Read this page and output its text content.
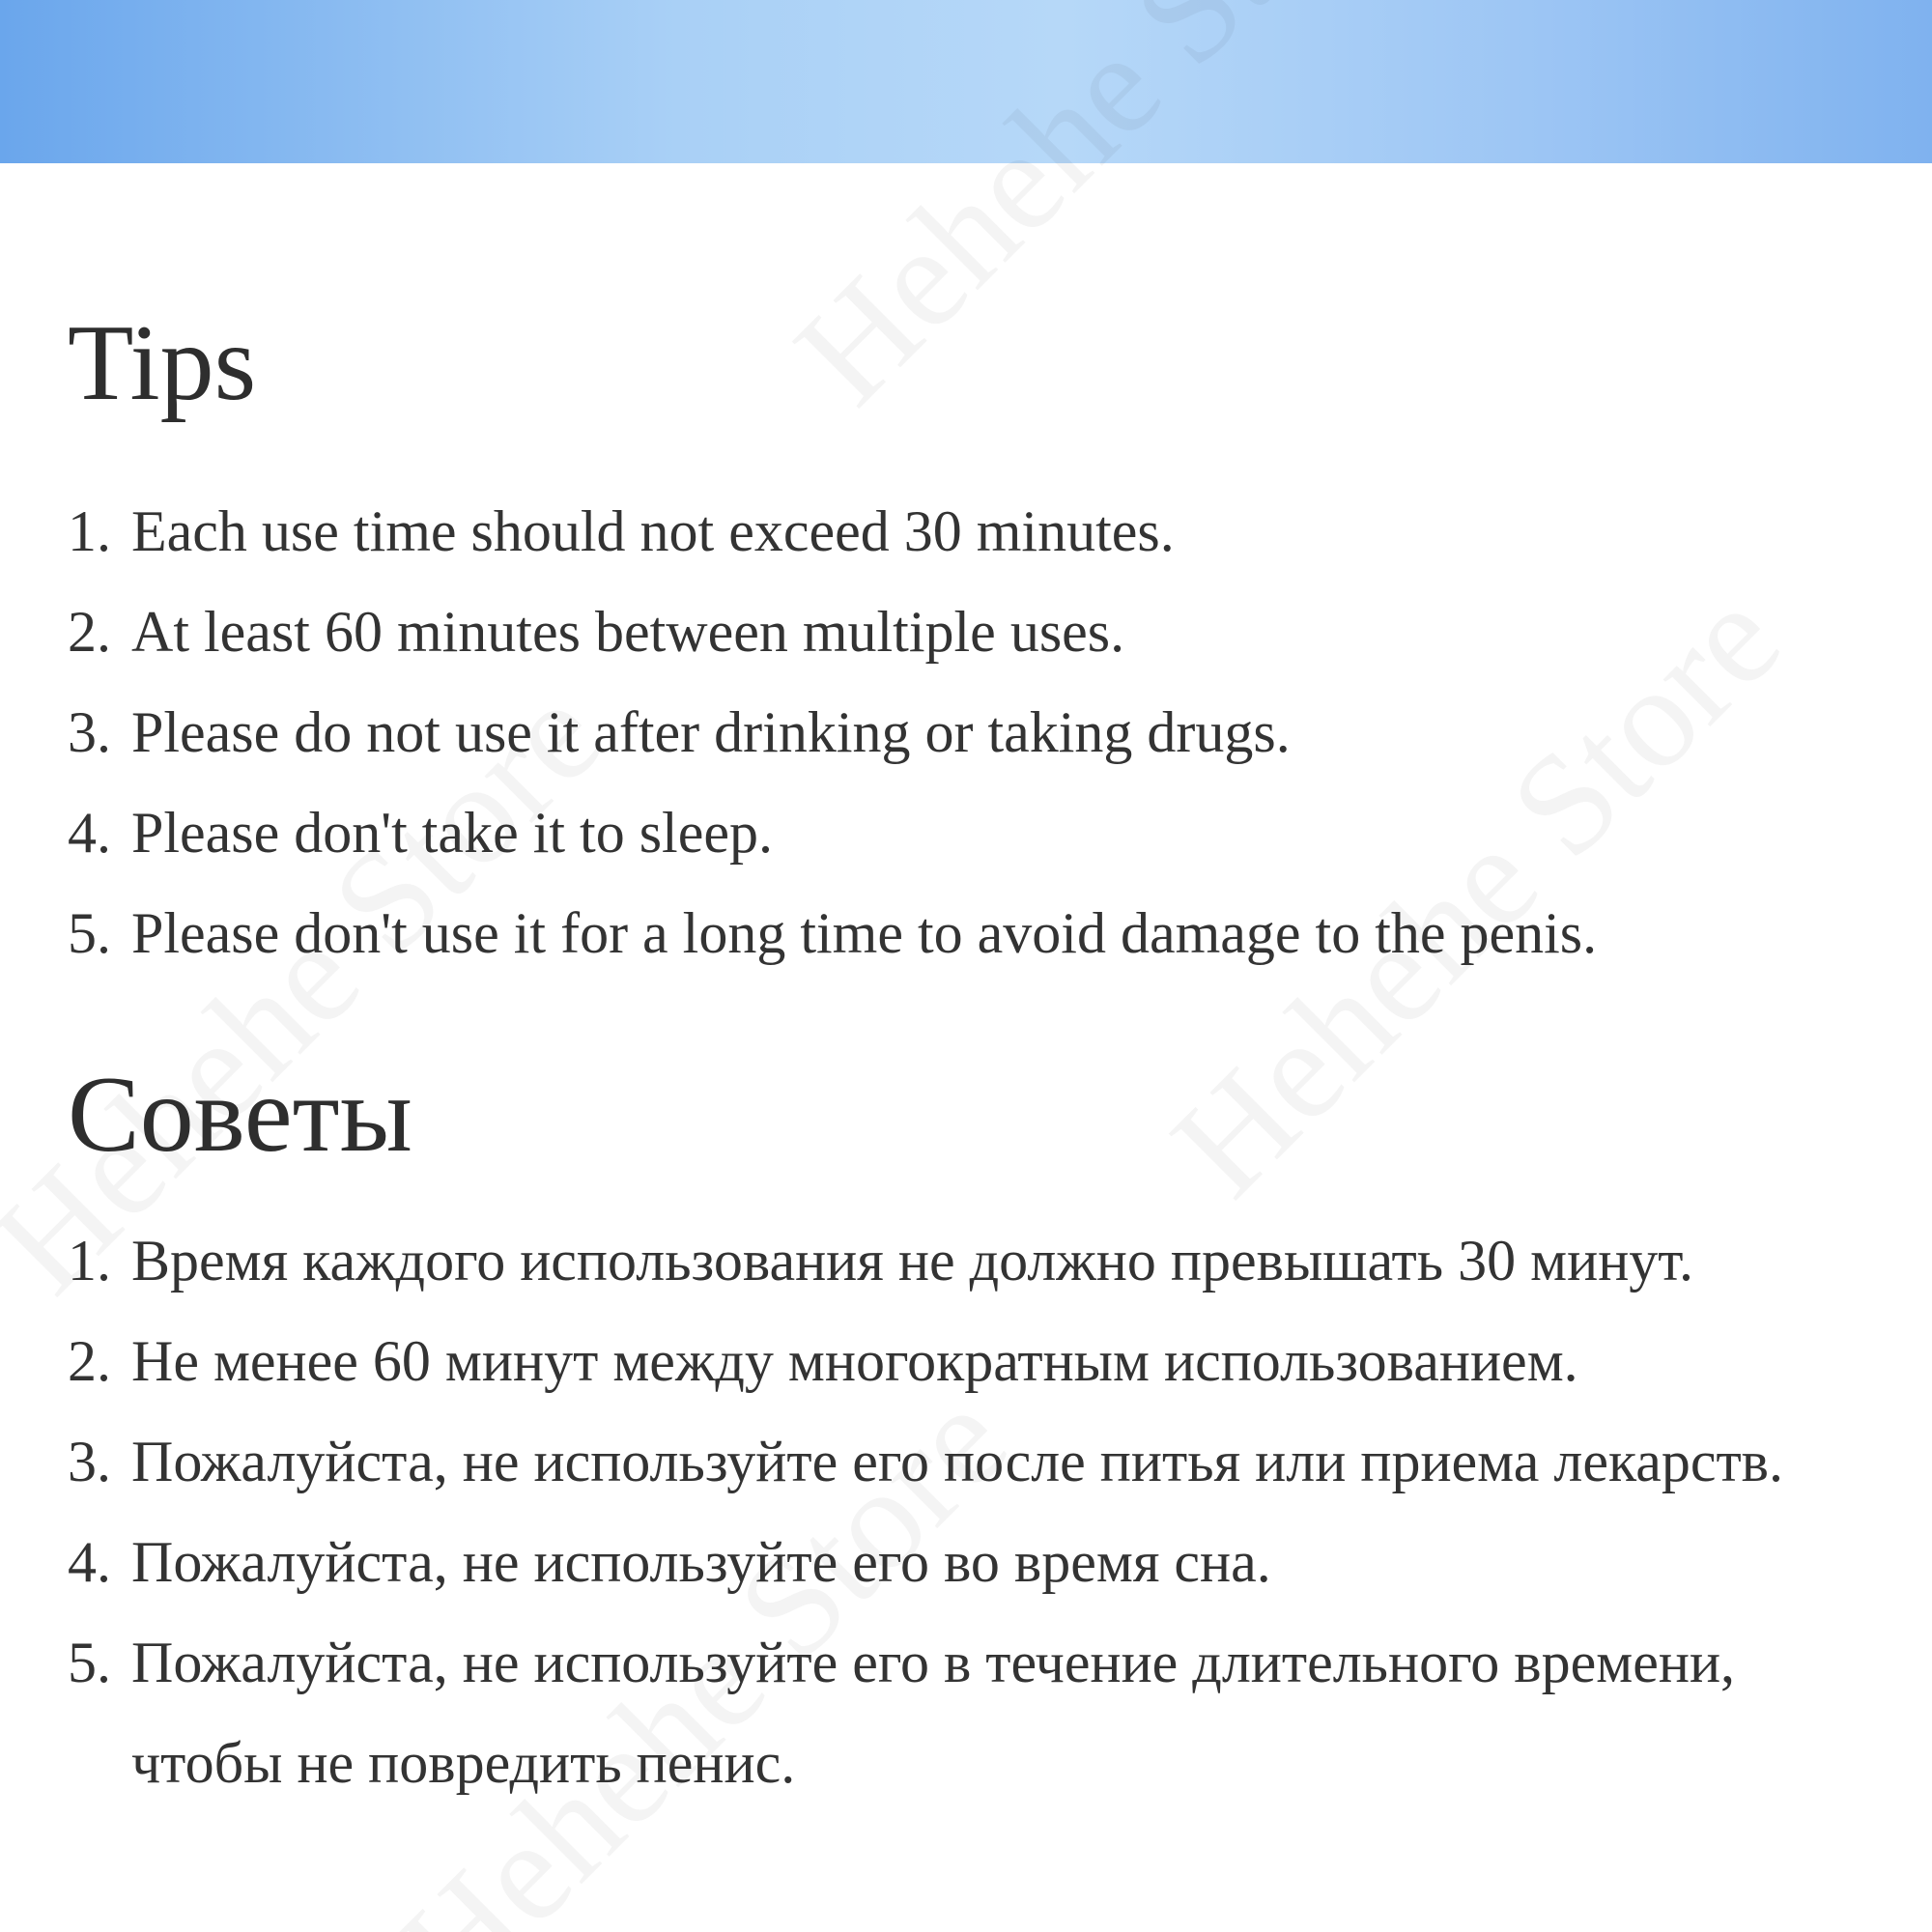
Tips
1. Each use time should not exceed 30 minutes.
2. At least 60 minutes between multiple uses.
3. Please do not use it after drinking or taking drugs.
4. Please don't take it to sleep.
5. Please don't use it for a long time to avoid damage to the penis.
Советы
1. Время каждого использования не должно превышать 30 минут.
2. Не менее 60 минут между многократным использованием.
3. Пожалуйста, не используйте его после питья или приема лекарств.
4. Пожалуйста, не используйте его во время сна.
5. Пожалуйста, не используйте его в течение длительного времени, чтобы не повредить пенис.
